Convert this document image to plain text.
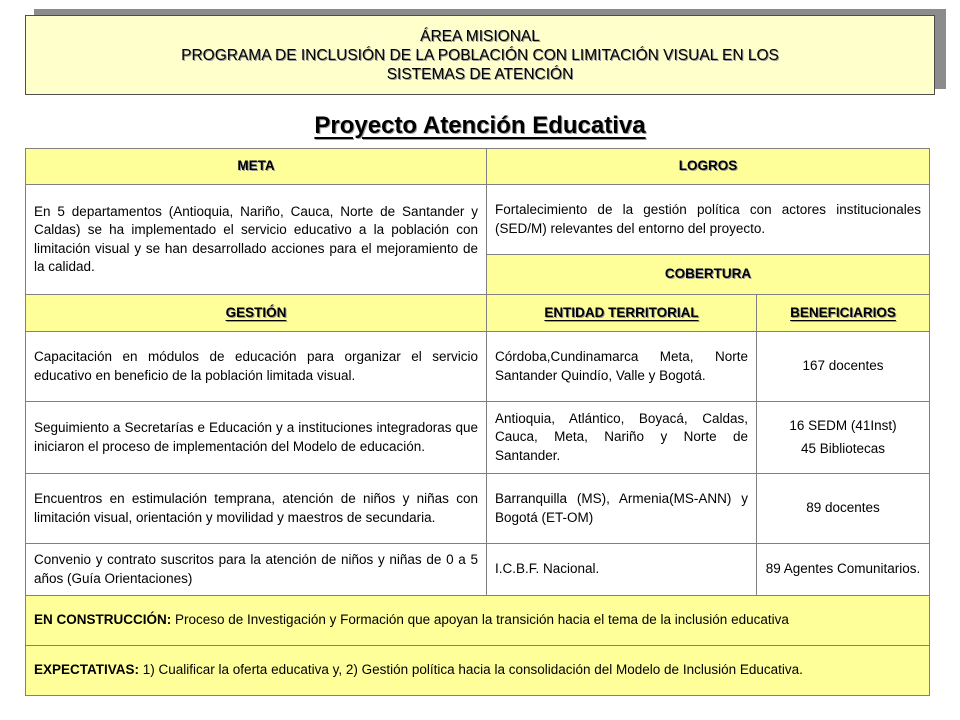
ÁREA MISIONAL
PROGRAMA DE INCLUSIÓN DE LA POBLACIÓN CON LIMITACIÓN VISUAL EN LOS
SISTEMAS DE ATENCIÓN
Proyecto Atención Educativa
META	LOGROS	
En 5 departamentos (Antioquia, Nariño, Cauca, Norte de Santander y Caldas) se ha implementado el servicio educativo a la población con limitación visual y se han desarrollado acciones para el mejoramiento de la calidad.	Fortalecimiento de la gestión política con actores institucionales (SED/M) relevantes del entorno del proyecto.	
	COBERTURA	
GESTIÓN	ENTIDAD TERRITORIAL	BENEFICIARIOS
Capacitación en módulos de educación para organizar el servicio educativo en beneficio de la población limitada visual.	Córdoba,Cundinamarca Meta, Norte Santander Quindío, Valle y Bogotá.	167 docentes

Seguimiento a Secretarías e Educación y a instituciones integradoras que iniciaron el proceso de implementación del Modelo de educación.	Antioquia, Atlántico, Boyacá, Caldas, Cauca, Meta, Nariño y Norte de Santander.	16 SEDM (41Inst)
45 Bibliotecas

Encuentros en estimulación temprana, atención de niños y niñas con limitación visual, orientación y movilidad y maestros de secundaria.	Barranquilla (MS), Armenia(MS-ANN) y Bogotá (ET-OM)	89 docentes

Convenio y contrato suscritos para la atención de niños y niñas de 0 a 5 años (Guía Orientaciones)	I.C.B.F. Nacional.	89 Agentes Comunitarios.

EN CONSTRUCCIÓN: Proceso de Investigación y Formación que apoyan la transición hacia el tema de la inclusión educativa		
EXPECTATIVAS: 1) Cualificar la oferta educativa y, 2) Gestión política hacia la consolidación del Modelo de Inclusión Educativa.		
